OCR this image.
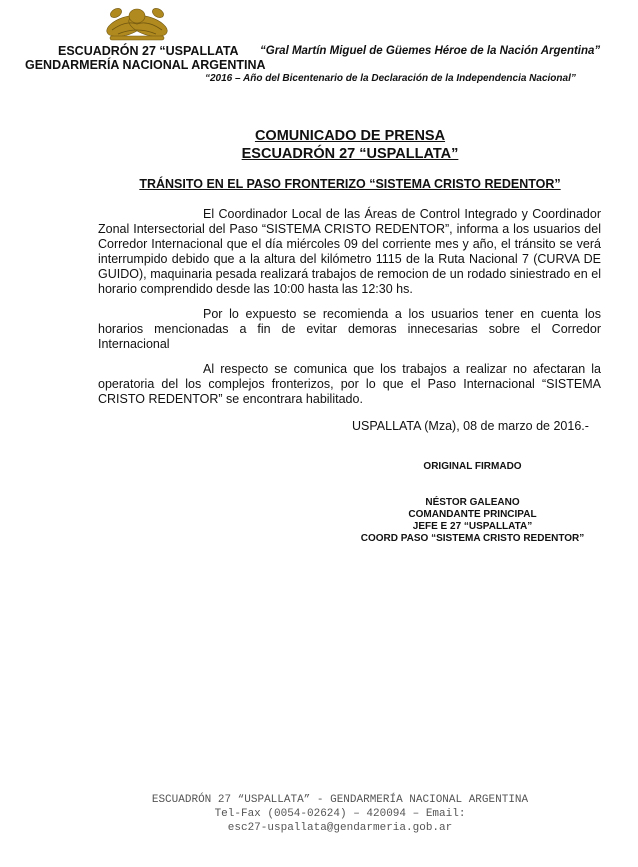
ESCUADRÓN 27 “USPALLATA “Gral Martín Miguel de Güemes Héroe de la Nación Argentina”
GENDARMERÍA NACIONAL ARGENTINA
“2016 – Año del Bicentenario de la Declaración de la Independencia Nacional”
COMUNICADO DE PRENSA
ESCUADRÓN 27 “USPALLATA”
TRÁNSITO EN EL PASO FRONTERIZO “SISTEMA CRISTO REDENTOR”
El Coordinador Local de las Áreas de Control Integrado y Coordinador Zonal Intersectorial del Paso “SISTEMA CRISTO REDENTOR”, informa a los usuarios del Corredor Internacional que el día miércoles 09 del corriente mes y año, el tránsito se verá interrumpido debido que a la altura del kilómetro 1115 de la Ruta Nacional 7 (CURVA DE GUIDO), maquinaria pesada realizará trabajos de remocion de un rodado siniestrado en el horario comprendido desde las 10:00 hasta las 12:30 hs.
Por lo expuesto se recomienda a los usuarios tener en cuenta los horarios mencionadas a fin de evitar demoras innecesarias sobre el Corredor Internacional
Al respecto se comunica que los trabajos a realizar no afectaran la operatoria del los complejos fronterizos, por lo que el Paso Internacional “SISTEMA CRISTO REDENTOR” se encontrara habilitado.
USPALLATA (Mza), 08 de marzo de 2016.-
ORIGINAL FIRMADO
NÉSTOR GALEANO
COMANDANTE PRINCIPAL
JEFE E 27 “USPALLATA”
COORD PASO “SISTEMA CRISTO REDENTOR”
ESCUADRÓN 27 “USPALLATA” - GENDARMERÍA NACIONAL ARGENTINA
Tel-Fax (0054-02624) – 420094 – Email:
esc27-uspallata@gendarmeria.gob.ar
